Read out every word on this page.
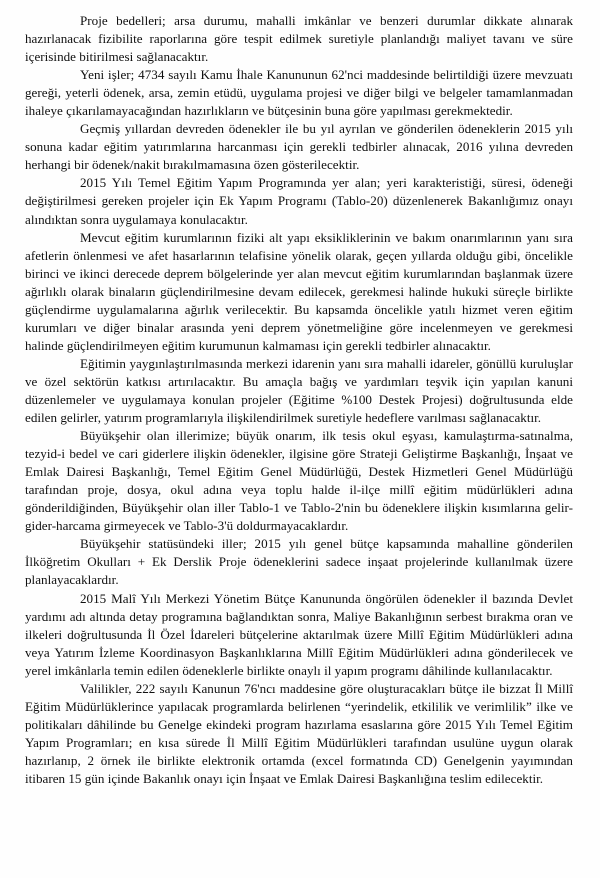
Proje bedelleri; arsa durumu, mahalli imkânlar ve benzeri durumlar dikkate alınarak hazırlanacak fizibilite raporlarına göre tespit edilmek suretiyle planlandığı maliyet tavanı ve süre içerisinde bitirilmesi sağlanacaktır.

Yeni işler; 4734 sayılı Kamu İhale Kanununun 62'nci maddesinde belirtildiği üzere mevzuatı gereği, yeterli ödenek, arsa, zemin etüdü, uygulama projesi ve diğer bilgi ve belgeler tamamlanmadan ihaleye çıkarılamayacağından hazırlıkların ve bütçesinin buna göre yapılması gerekmektedir.

Geçmiş yıllardan devreden ödenekler ile bu yıl ayrılan ve gönderilen ödeneklerin 2015 yılı sonuna kadar eğitim yatırımlarına harcanması için gerekli tedbirler alınacak, 2016 yılına devreden herhangi bir ödenek/nakit bırakılmamasına özen gösterilecektir.

2015 Yılı Temel Eğitim Yapım Programında yer alan; yeri karakteristiği, süresi, ödeneği değiştirilmesi gereken projeler için Ek Yapım Programı (Tablo-20) düzenlenerek Bakanlığımız onayı alındıktan sonra uygulamaya konulacaktır.

Mevcut eğitim kurumlarının fiziki alt yapı eksikliklerinin ve bakım onarımlarının yanı sıra afetlerin önlenmesi ve afet hasarlarının telafisine yönelik olarak, geçen yıllarda olduğu gibi, öncelikle birinci ve ikinci derecede deprem bölgelerinde yer alan mevcut eğitim kurumlarından başlanmak üzere ağırlıklı olarak binaların güçlendirilmesine devam edilecek, gerekmesi halinde hukuki süreçle birlikte güçlendirme uygulamalarına ağırlık verilecektir. Bu kapsamda öncelikle yatılı hizmet veren eğitim kurumları ve diğer binalar arasında yeni deprem yönetmeliğine göre incelenmeyen ve gerekmesi halinde güçlendirilmeyen eğitim kurumunun kalmaması için gerekli tedbirler alınacaktır.

Eğitimin yaygınlaştırılmasında merkezi idarenin yanı sıra mahalli idareler, gönüllü kuruluşlar ve özel sektörün katkısı artırılacaktır. Bu amaçla bağış ve yardımları teşvik için yapılan kanuni düzenlemeler ve uygulamaya konulan projeler (Eğitime %100 Destek Projesi) doğrultusunda elde edilen gelirler, yatırım programlarıyla ilişkilendirilmek suretiyle hedeflere varılması sağlanacaktır.

Büyükşehir olan illerimize; büyük onarım, ilk tesis okul eşyası, kamulaştırma-satınalma, tezyid-i bedel ve cari giderlere ilişkin ödenekler, ilgisine göre Strateji Geliştirme Başkanlığı, İnşaat ve Emlak Dairesi Başkanlığı, Temel Eğitim Genel Müdürlüğü, Destek Hizmetleri Genel Müdürlüğü tarafından proje, dosya, okul adına veya toplu halde il-ilçe millî eğitim müdürlükleri adına gönderildiğinden, Büyükşehir olan iller Tablo-1 ve Tablo-2'nin bu ödeneklere ilişkin kısımlarına gelir-gider-harcama girmeyecek ve Tablo-3'ü doldurmayacaklardır.

Büyükşehir statüsündeki iller; 2015 yılı genel bütçe kapsamında mahalline gönderilen İlköğretim Okulları + Ek Derslik Proje ödeneklerini sadece inşaat projelerinde kullanılmak üzere planlayacaklardır.

2015 Malî Yılı Merkezi Yönetim Bütçe Kanununda öngörülen ödenekler il bazında Devlet yardımı adı altında detay programına bağlandıktan sonra, Maliye Bakanlığının serbest bırakma oran ve ilkeleri doğrultusunda İl Özel İdareleri bütçelerine aktarılmak üzere Millî Eğitim Müdürlükleri adına veya Yatırım İzleme Koordinasyon Başkanlıklarına Millî Eğitim Müdürlükleri adına gönderilecek ve yerel imkânlarla temin edilen ödeneklerle birlikte onaylı il yapım programı dâhilinde kullanılacaktır.

Valilikler, 222 sayılı Kanunun 76'ncı maddesine göre oluşturacakları bütçe ile bizzat İl Millî Eğitim Müdürlüklerince yapılacak programlarda belirlenen “yerindelik, etkililik ve verimlilik” ilke ve politikaları dâhilinde bu Genelge ekindeki program hazırlama esaslarına göre 2015 Yılı Temel Eğitim Yapım Programları; en kısa sürede İl Millî Eğitim Müdürlükleri tarafından usulüne uygun olarak hazırlanıp, 2 örnek ile birlikte elektronik ortamda (excel formatında CD) Genelgenin yayımından itibaren 15 gün içinde Bakanlık onayı için İnşaat ve Emlak Dairesi Başkanlığına teslim edilecektir.
